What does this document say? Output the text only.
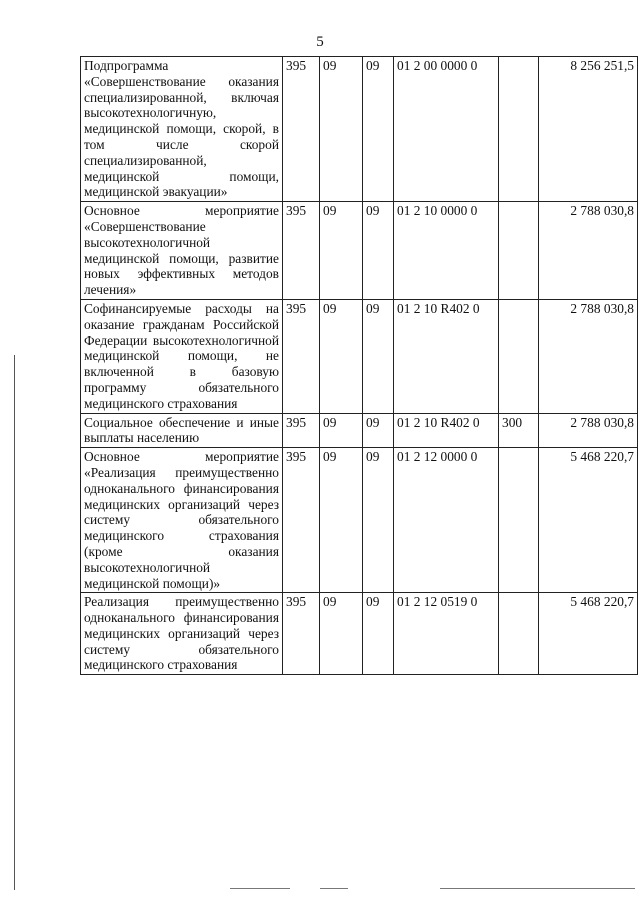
5
Подпрограмма «Совершенствование оказания специализированной, включая высокотехнологичную, медицинской помощи, скорой, в том числе скорой специализированной, медицинской помощи, медицинской эвакуации»	395	09	09	01 2 00 0000 0		8 256 251,5
Основное мероприятие «Совершенствование высокотехнологичной медицинской помощи, развитие новых эффективных методов лечения»	395	09	09	01 2 10 0000 0		2 788 030,8
Софинансируемые расходы на оказание гражданам Российской Федерации высокотехнологичной медицинской помощи, не включенной в базовую программу обязательного медицинского страхования	395	09	09	01 2 10 R402 0		2 788 030,8
Социальное обеспечение и иные выплаты населению	395	09	09	01 2 10 R402 0	300	2 788 030,8
Основное мероприятие «Реализация преимущественно одноканального финансирования медицинских организаций через систему обязательного медицинского страхования (кроме оказания высокотехнологичной медицинской помощи)»	395	09	09	01 2 12 0000 0		5 468 220,7
Реализация преимущественно одноканального финансирования медицинских организаций через систему обязательного медицинского страхования	395	09	09	01 2 12 0519 0		5 468 220,7
